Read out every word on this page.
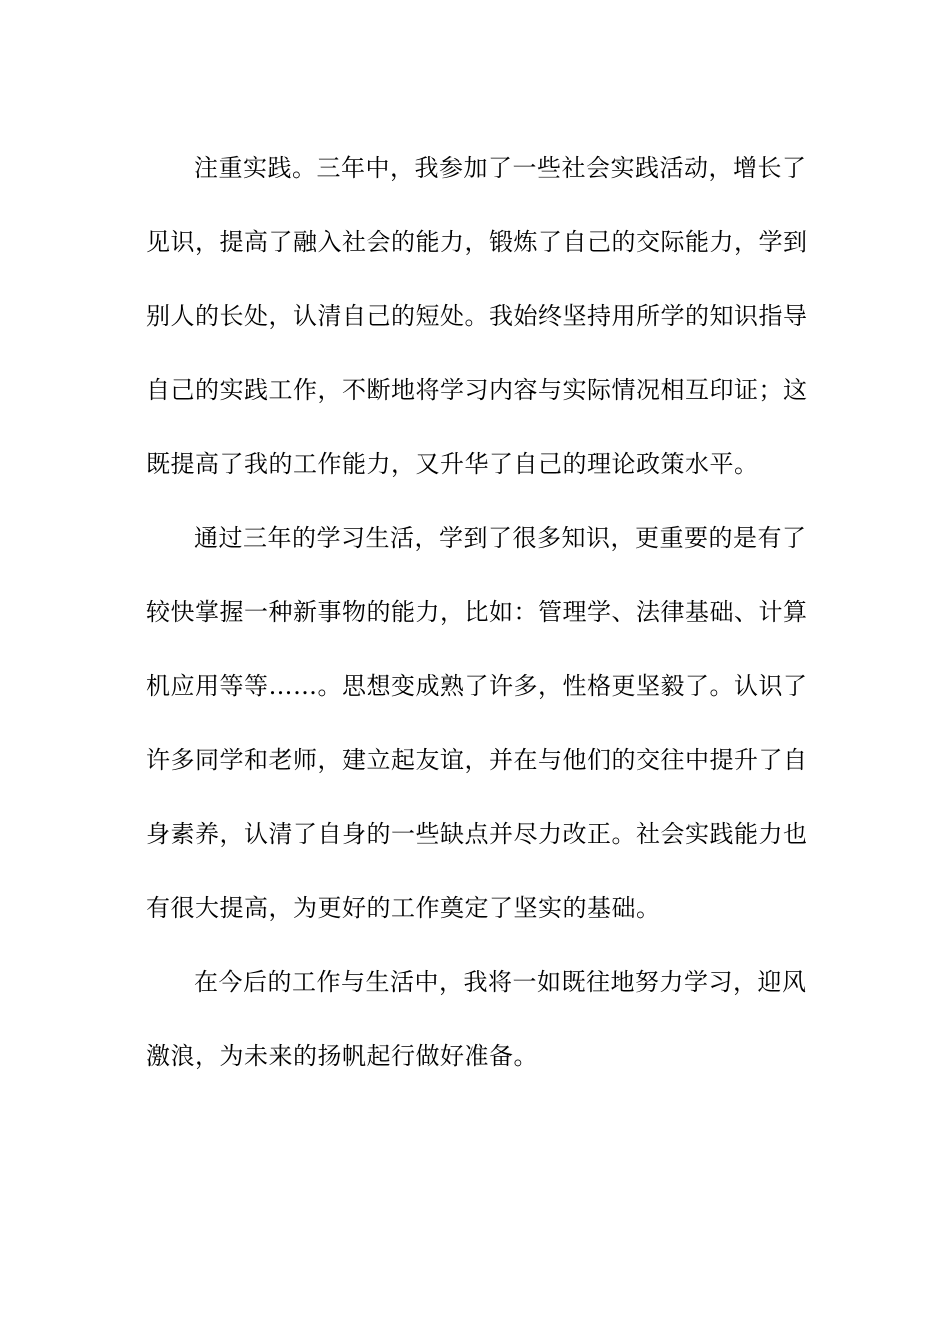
注重实践。三年中，我参加了一些社会实践活动，增长了
见识，提高了融入社会的能力，锻炼了自己的交际能力，学到
别人的长处，认清自己的短处。我始终坚持用所学的知识指导
自己的实践工作，不断地将学习内容与实际情况相互印证；这
既提高了我的工作能力，又升华了自己的理论政策水平。
通过三年的学习生活，学到了很多知识，更重要的是有了
较快掌握一种新事物的能力，比如：管理学、法律基础、计算
机应用等等……。思想变成熟了许多，性格更坚毅了。认识了
许多同学和老师，建立起友谊，并在与他们的交往中提升了自
身素养，认清了自身的一些缺点并尽力改正。社会实践能力也
有很大提高，为更好的工作奠定了坚实的基础。
在今后的工作与生活中，我将一如既往地努力学习，迎风
激浪，为未来的扬帆起行做好准备。
